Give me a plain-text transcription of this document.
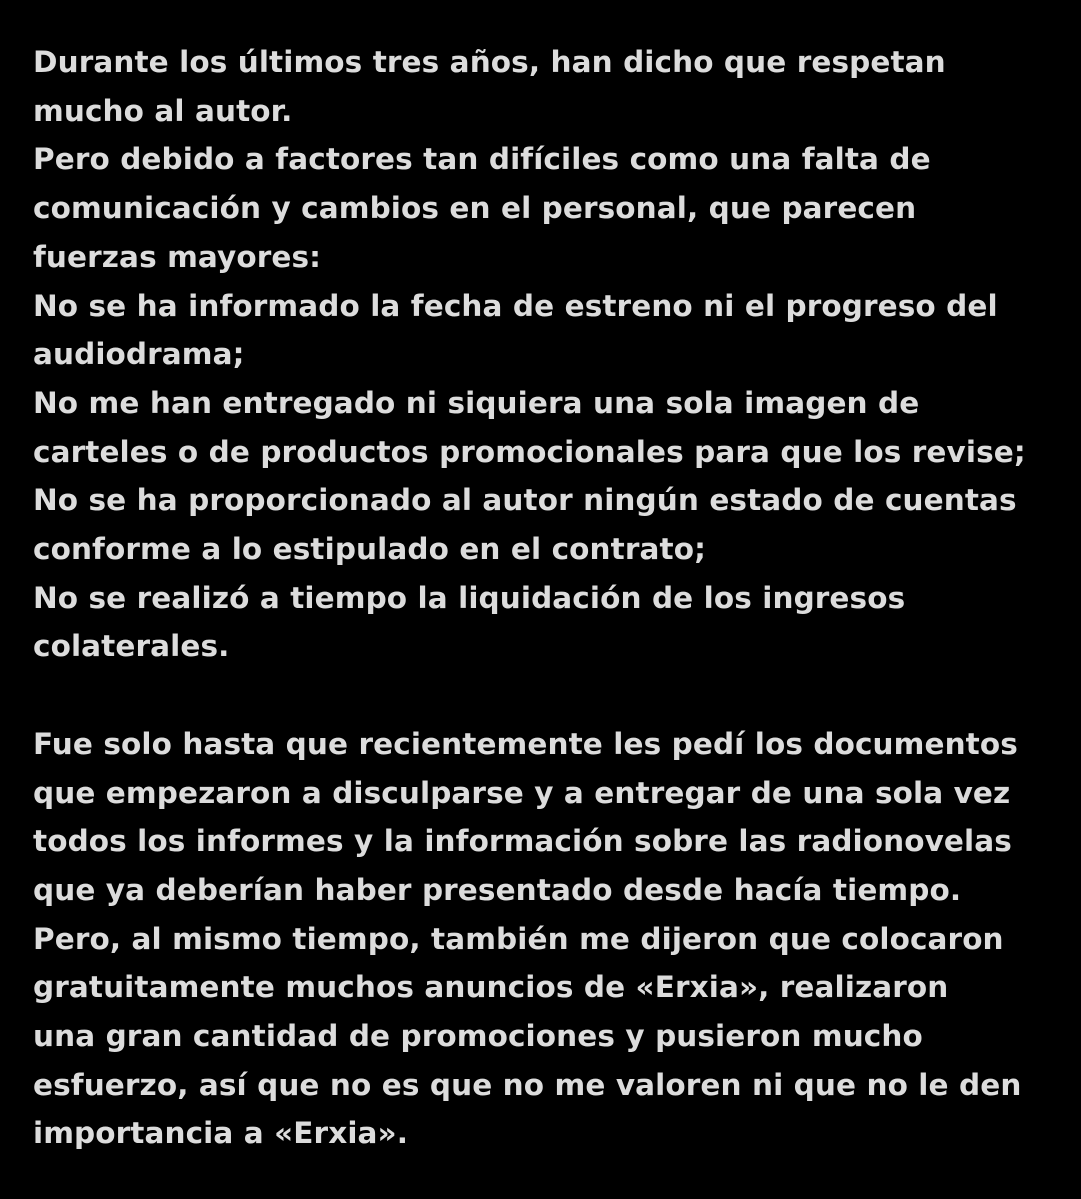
Durante los últimos tres años, han dicho que respetan
mucho al autor.
Pero debido a factores tan difíciles como una falta de
comunicación y cambios en el personal, que parecen
fuerzas mayores:
No se ha informado la fecha de estreno ni el progreso del
audiodrama;
No me han entregado ni siquiera una sola imagen de
carteles o de productos promocionales para que los revise;
No se ha proporcionado al autor ningún estado de cuentas
conforme a lo estipulado en el contrato;
No se realizó a tiempo la liquidación de los ingresos
colaterales.
Fue solo hasta que recientemente les pedí los documentos
que empezaron a disculparse y a entregar de una sola vez
todos los informes y la información sobre las radionovelas
que ya deberían haber presentado desde hacía tiempo.
Pero, al mismo tiempo, también me dijeron que colocaron
gratuitamente muchos anuncios de «Erxia», realizaron
una gran cantidad de promociones y pusieron mucho
esfuerzo, así que no es que no me valoren ni que no le den
importancia a «Erxia».
